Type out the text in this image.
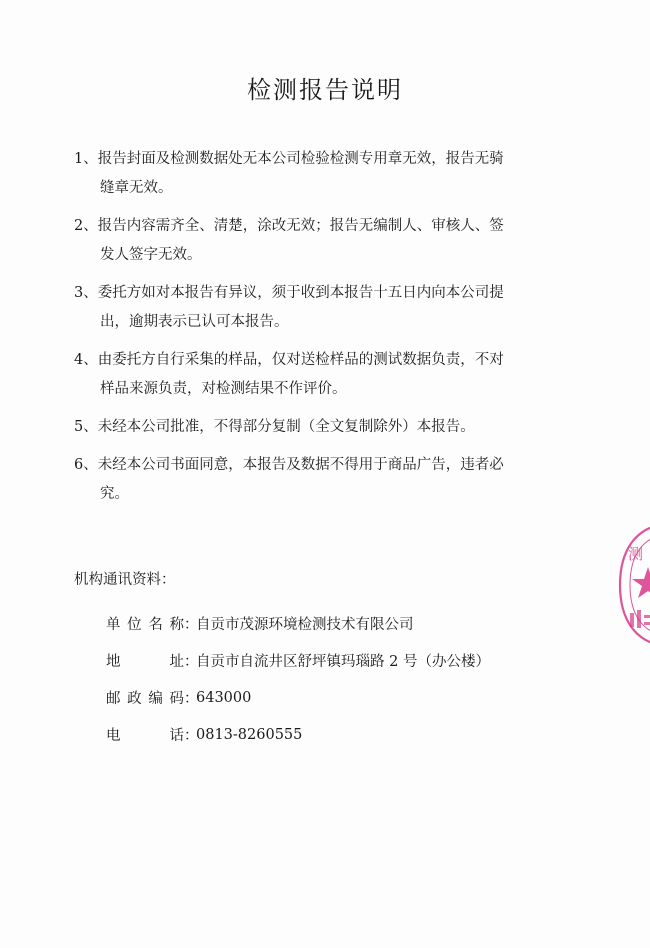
检测报告说明
1、报告封面及检测数据处无本公司检验检测专用章无效，报告无骑
缝章无效。
2、报告内容需齐全、清楚，涂改无效；报告无编制人、审核人、签
发人签字无效。
3、委托方如对本报告有异议，须于收到本报告十五日内向本公司提
出，逾期表示已认可本报告。
4、由委托方自行采集的样品，仅对送检样品的测试数据负责，不对
样品来源负责，对检测结果不作评价。
5、未经本公司批准，不得部分复制（全文复制除外）本报告。
6、未经本公司书面同意，本报告及数据不得用于商品广告，违者必
究。
机构通讯资料：
单 位 名 称 ：
自贡市茂源环境检测技术有限公司
地	址 ：
自贡市自流井区舒坪镇玛瑙路 2 号（办公楼）
邮 政 编 码 ：
643000
电	话 ：
0813-8260555
测
